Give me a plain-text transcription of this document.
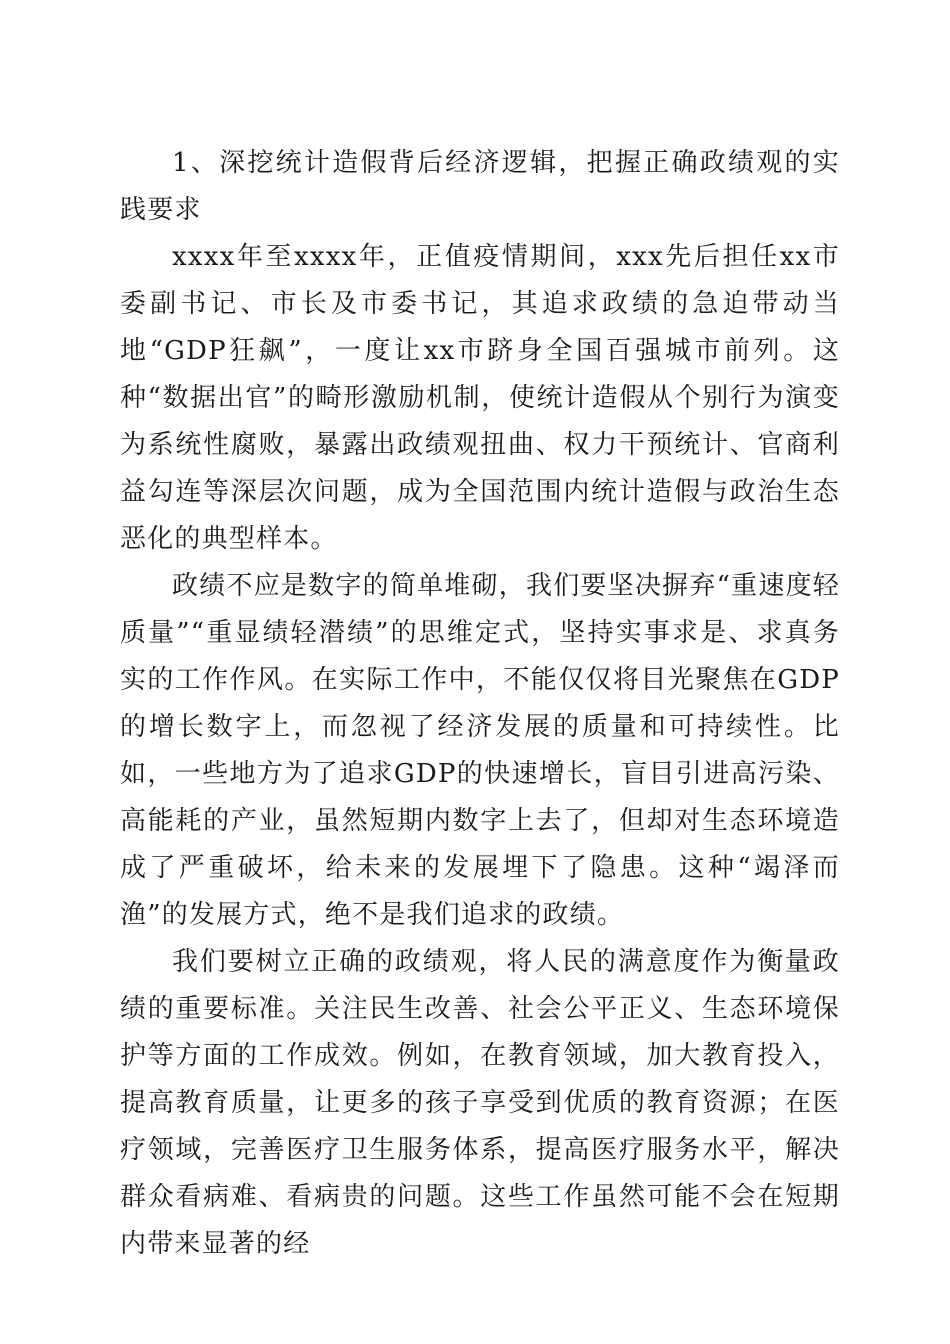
1、深挖统计造假背后经济逻辑，把握正确政绩观的实践要求

xxxx年至xxxx年，正值疫情期间，xxx先后担任xx市委副书记、市长及市委书记，其追求政绩的急迫带动当地“GDP狂飙”，一度让xx市跻身全国百强城市前列。这种“数据出官”的畸形激励机制，使统计造假从个别行为演变为系统性腐败，暴露出政绩观扭曲、权力干预统计、官商利益勾连等深层次问题，成为全国范围内统计造假与政治生态恶化的典型样本。

政绩不应是数字的简单堆砌，我们要坚决摒弃“重速度轻质量”“重显绩轻潜绩”的思维定式，坚持实事求是、求真务实的工作作风。在实际工作中，不能仅仅将目光聚焦在GDP的增长数字上，而忽视了经济发展的质量和可持续性。比如，一些地方为了追求GDP的快速增长，盲目引进高污染、高能耗的产业，虽然短期内数字上去了，但却对生态环境造成了严重破坏，给未来的发展埋下了隐患。这种“竭泽而渔”的发展方式，绝不是我们追求的政绩。

我们要树立正确的政绩观，将人民的满意度作为衡量政绩的重要标准。关注民生改善、社会公平正义、生态环境保护等方面的工作成效。例如，在教育领域，加大教育投入，提高教育质量，让更多的孩子享受到优质的教育资源；在医疗领域，完善医疗卫生服务体系，提高医疗服务水平，解决群众看病难、看病贵的问题。这些工作虽然可能不会在短期内带来显著的经
